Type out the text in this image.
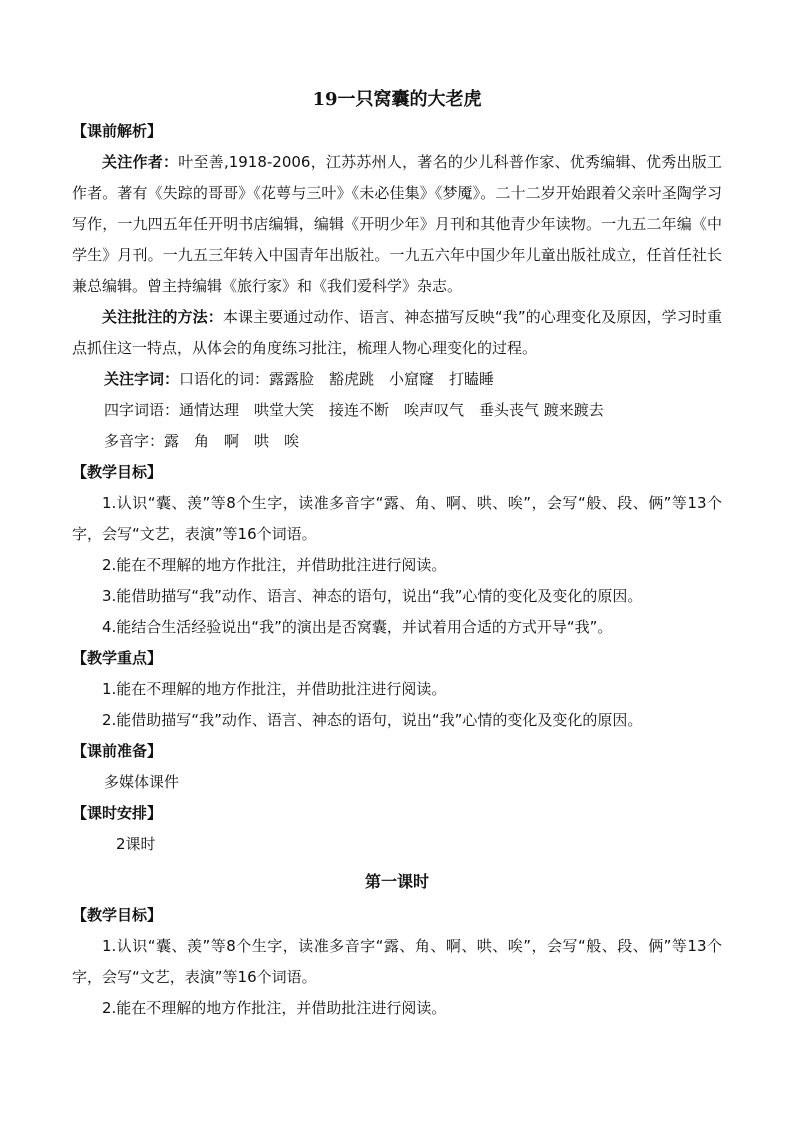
19一只窝囊的大老虎
【课前解析】

关注作者：叶至善,1918-2006，江苏苏州人，著名的少儿科普作家、优秀编辑、优秀出版工作者。著有《失踪的哥哥》《花萼与三叶》《未必佳集》《梦魇》。二十二岁开始跟着父亲叶圣陶学习写作，一九四五年任开明书店编辑，编辑《开明少年》月刊和其他青少年读物。一九五二年编《中学生》月刊。一九五三年转入中国青年出版社。一九五六年中国少年儿童出版社成立，任首任社长兼总编辑。曾主持编辑《旅行家》和《我们爱科学》杂志。

关注批注的方法：本课主要通过动作、语言、神态描写反映“我”的心理变化及原因，学习时重点抓住这一特点，从体会的角度练习批注，梳理人物心理变化的过程。

关注字词：口语化的词：露露脸　豁虎跳　小窟窿　打瞌睡

四字词语：通情达理　哄堂大笑　接连不断　唉声叹气　垂头丧气 踱来踱去

多音字：露　角　啊　哄　唉

【教学目标】

1.认识“囊、羡”等8个生字，读准多音字“露、角、啊、哄、唉”，会写“般、段、俩”等13个字，会写“文艺，表演”等16个词语。

2.能在不理解的地方作批注，并借助批注进行阅读。

3.能借助描写“我”动作、语言、神态的语句，说出“我”心情的变化及变化的原因。

4.能结合生活经验说出“我”的演出是否窝囊，并试着用合适的方式开导“我”。

【教学重点】

1.能在不理解的地方作批注，并借助批注进行阅读。

2.能借助描写“我”动作、语言、神态的语句，说出“我”心情的变化及变化的原因。

【课前准备】

多媒体课件

【课时安排】

2课时

第一课时
【教学目标】

1.认识“囊、羡”等8个生字，读准多音字“露、角、啊、哄、唉”，会写“般、段、俩”等13个字，会写“文艺，表演”等16个词语。

2.能在不理解的地方作批注，并借助批注进行阅读。
